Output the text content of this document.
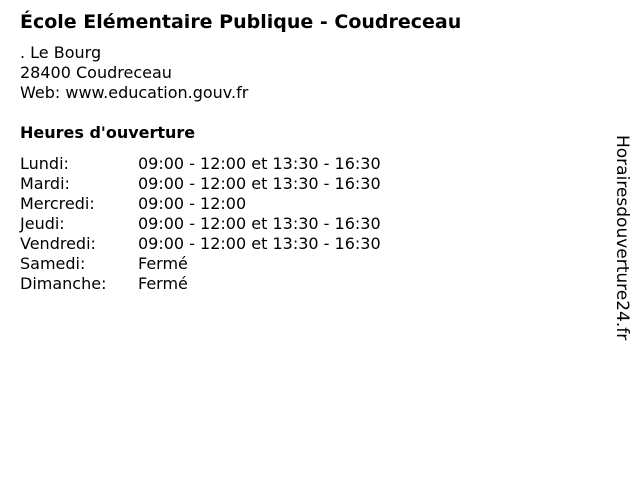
École Elémentaire Publique - Coudreceau
. Le Bourg
28400 Coudreceau
Web: www.education.gouv.fr
Heures d'ouverture
Lundi:	09:00 - 12:00 et 13:30 - 16:30
Mardi:	09:00 - 12:00 et 13:30 - 16:30
Mercredi:	09:00 - 12:00
Jeudi:	09:00 - 12:00 et 13:30 - 16:30
Vendredi:	09:00 - 12:00 et 13:30 - 16:30
Samedi:	Fermé
Dimanche:	Fermé	Horairesdouverture24.fr
